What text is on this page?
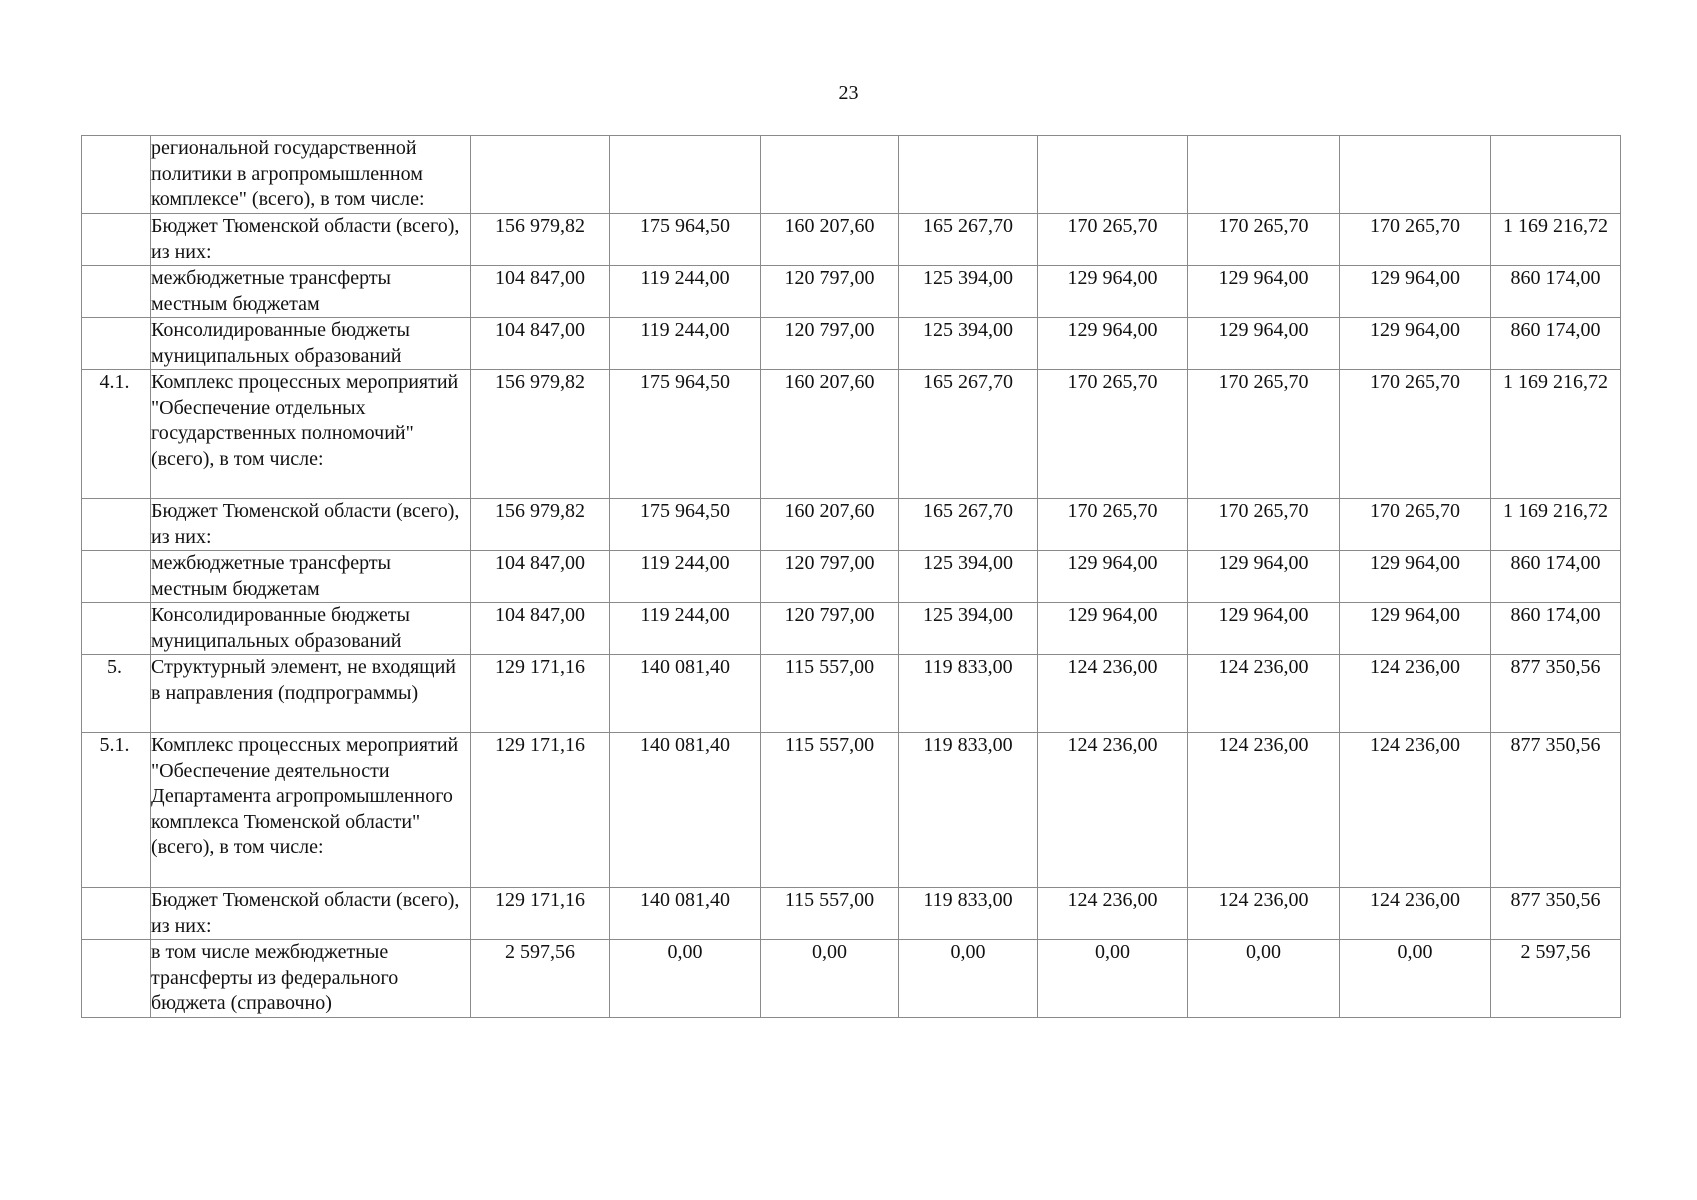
23
	региональной государственной политики в агропромышленном комплексе" (всего), в том числе:								
	Бюджет Тюменской области (всего), из них:	156 979,82	175 964,50	160 207,60	165 267,70	170 265,70	170 265,70	170 265,70	1 169 216,72
	межбюджетные трансферты местным бюджетам	104 847,00	119 244,00	120 797,00	125 394,00	129 964,00	129 964,00	129 964,00	860 174,00
	Консолидированные бюджеты муниципальных образований	104 847,00	119 244,00	120 797,00	125 394,00	129 964,00	129 964,00	129 964,00	860 174,00
4.1.	Комплекс процессных мероприятий "Обеспечение отдельных государственных полномочий" (всего), в том числе:	156 979,82	175 964,50	160 207,60	165 267,70	170 265,70	170 265,70	170 265,70	1 169 216,72
	Бюджет Тюменской области (всего), из них:	156 979,82	175 964,50	160 207,60	165 267,70	170 265,70	170 265,70	170 265,70	1 169 216,72
	межбюджетные трансферты местным бюджетам	104 847,00	119 244,00	120 797,00	125 394,00	129 964,00	129 964,00	129 964,00	860 174,00
	Консолидированные бюджеты муниципальных образований	104 847,00	119 244,00	120 797,00	125 394,00	129 964,00	129 964,00	129 964,00	860 174,00
5.	Структурный элемент, не входящий в направления (подпрограммы)	129 171,16	140 081,40	115 557,00	119 833,00	124 236,00	124 236,00	124 236,00	877 350,56
5.1.	Комплекс процессных мероприятий "Обеспечение деятельности Департамента агропромышленного комплекса Тюменской области" (всего), в том числе:	129 171,16	140 081,40	115 557,00	119 833,00	124 236,00	124 236,00	124 236,00	877 350,56
	Бюджет Тюменской области (всего), из них:	129 171,16	140 081,40	115 557,00	119 833,00	124 236,00	124 236,00	124 236,00	877 350,56
	в том числе межбюджетные трансферты из федерального бюджета (справочно)	2 597,56	0,00	0,00	0,00	0,00	0,00	0,00	2 597,56
